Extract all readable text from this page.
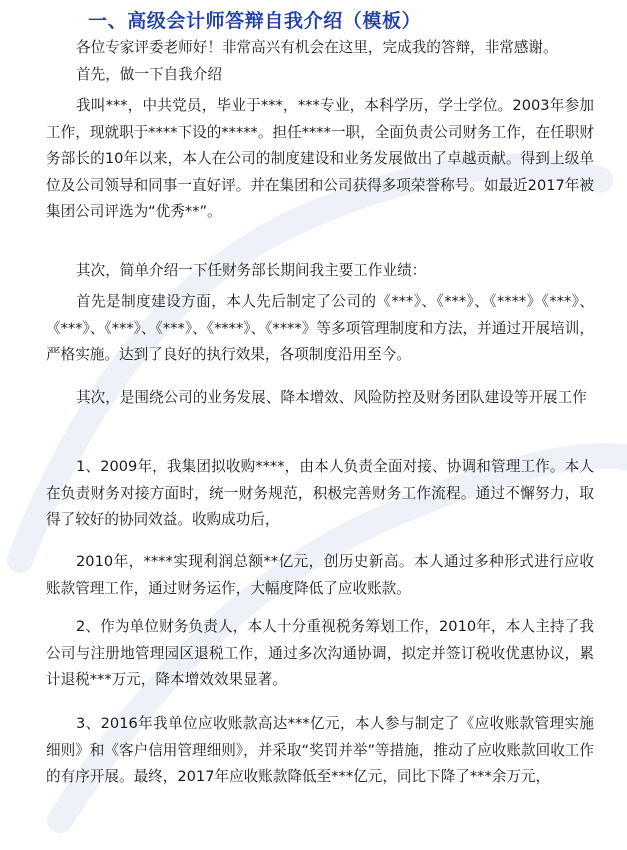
一、高级会计师答辩自我介绍（模板）

各位专家评委老师好！非常高兴有机会在这里，完成我的答辩，非常感谢。

首先，做一下自我介绍

我叫***，中共党员，毕业于***，***专业，本科学历，学士学位。2003年参加工作，现就职于****下设的*****。担任****一职，全面负责公司财务工作，在任职财务部长的10年以来，本人在公司的制度建设和业务发展做出了卓越贡献。得到上级单位及公司领导和同事一直好评。并在集团和公司获得多项荣誉称号。如最近2017年被集团公司评选为“优秀**”。

其次，简单介绍一下任财务部长期间我主要工作业绩：

首先是制度建设方面，本人先后制定了公司的《***》、《***》、《****》《***》、《***》、《***》、《***》、《****》、《****》等多项管理制度和方法，并通过开展培训，严格实施。达到了良好的执行效果，各项制度沿用至今。

其次，是围绕公司的业务发展、降本增效、风险防控及财务团队建设等开展工作

1、2009年，我集团拟收购****，由本人负责全面对接、协调和管理工作。本人在负责财务对接方面时，统一财务规范，积极完善财务工作流程。通过不懈努力，取得了较好的协同效益。收购成功后，

2010年，****实现利润总额**亿元，创历史新高。本人通过多种形式进行应收账款管理工作，通过财务运作，大幅度降低了应收账款。

2、作为单位财务负责人，本人十分重视税务筹划工作，2010年，本人主持了我公司与注册地管理园区退税工作，通过多次沟通协调，拟定并签订税收优惠协议，累计退税***万元，降本增效效果显著。

3、2016年我单位应收账款高达***亿元，本人参与制定了《应收账款管理实施细则》和《客户信用管理细则》，并采取“奖罚并举”等措施，推动了应收账款回收工作的有序开展。最终，2017年应收账款降低至***亿元，同比下降了***余万元，
